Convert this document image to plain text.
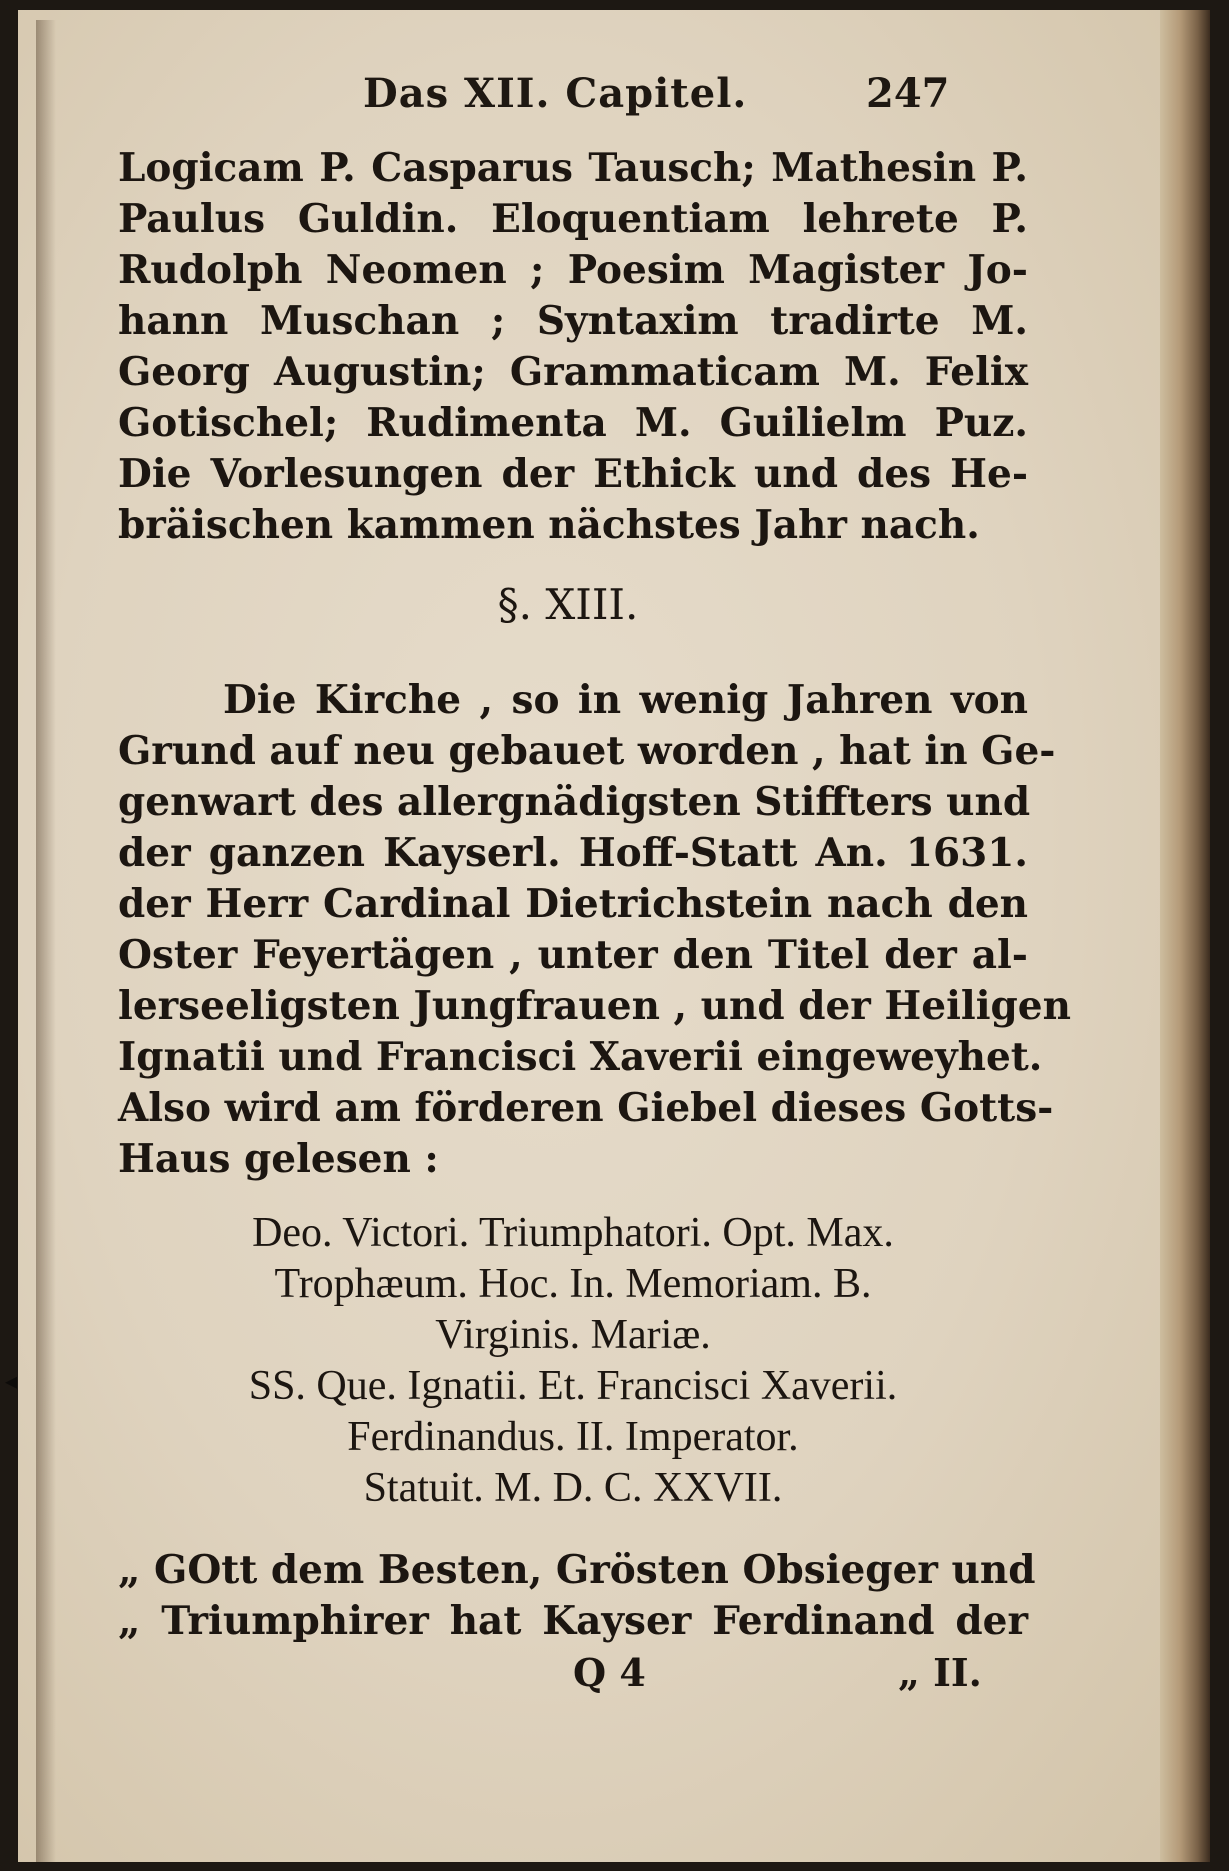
Das XII. Capitel.	247
Logicam P. Casparus Tausch; Mathesin P.
Paulus Guldin. Eloquentiam lehrete P.
Rudolph Neomen ; Poesim Magister Jo-
hann Muschan ; Syntaxim tradirte M.
Georg Augustin; Grammaticam M. Felix
Gotischel; Rudimenta M. Guilielm Puz.
Die Vorlesungen der Ethick und des He-
bräischen kammen nächstes Jahr nach.
§. XIII.
Die Kirche , so in wenig Jahren von
Grund auf neu gebauet worden , hat in Ge-
genwart des allergnädigsten Stiffters und
der ganzen Kayserl. Hoff-Statt An. 1631.
der Herr Cardinal Dietrichstein nach den
Oster Feyertägen , unter den Titel der al-
lerseeligsten Jungfrauen , und der Heiligen
Ignatii und Francisci Xaverii eingeweyhet.
Also wird am förderen Giebel dieses Gotts-
Haus gelesen :
Deo. Victori. Triumphatori. Opt. Max.
Trophæum. Hoc. In. Memoriam. B.
Virginis. Mariæ.
SS. Que. Ignatii. Et. Francisci Xaverii.
Ferdinandus. II. Imperator.
Statuit. M. D. C. XXVII.
„ GOtt dem Besten, Grösten Obsieger und
„ Triumphirer hat Kayser Ferdinand der
Q 4	„ II.
◂
